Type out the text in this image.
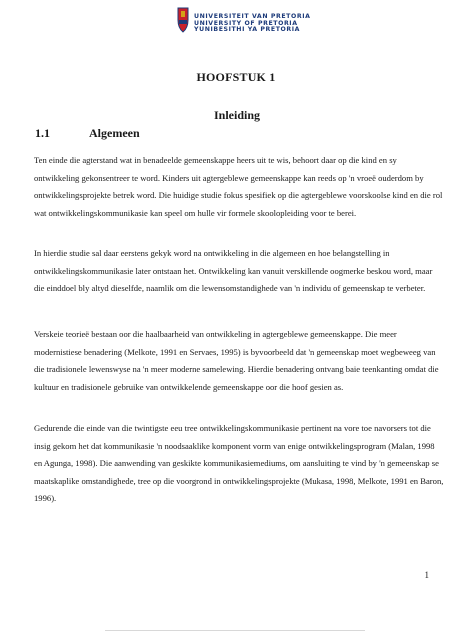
UNIVERSITEIT VAN PRETORIA
UNIVERSITY OF PRETORIA
YUNIBESITHI YA PRETORIA
HOOFSTUK 1
Inleiding
1.1	Algemeen
Ten einde die agterstand wat in benadeelde gemeenskappe heers uit te wis, behoort daar op die kind en sy ontwikkeling gekonsentreer te word. Kinders uit agtergeblewe gemeenskappe kan reeds op 'n vroeë ouderdom by ontwikkelingsprojekte betrek word. Die huidige studie fokus spesifiek op die agtergeblewe voorskoolse kind en die rol wat ontwikkelingskommunikasie kan speel om hulle vir formele skoolopleiding voor te berei.
In hierdie studie sal daar eerstens gekyk word na ontwikkeling in die algemeen en hoe belangstelling in ontwikkelingskommunikasie later ontstaan het. Ontwikkeling kan vanuit verskillende oogmerke beskou word, maar die einddoel bly altyd dieselfde, naamlik om die lewensomstandighede van 'n individu of gemeenskap te verbeter.
Verskeie teorieë bestaan oor die haalbaarheid van ontwikkeling in agtergeblewe gemeenskappe. Die meer modernistiese benadering (Melkote, 1991 en Servaes, 1995) is byvoorbeeld dat 'n gemeenskap moet wegbeweeg van die tradisionele lewenswyse na 'n meer moderne samelewing. Hierdie benadering ontvang baie teenkanting omdat die kultuur en tradisionele gebruike van ontwikkelende gemeenskappe oor die hoof gesien as.
Gedurende die einde van die twintigste eeu tree ontwikkelingskommunikasie pertinent na vore toe navorsers tot die insig gekom het dat kommunikasie 'n noodsaaklike komponent vorm van enige ontwikkelingsprogram (Malan, 1998 en Agunga, 1998). Die aanwending van geskikte kommunikasiemediums, om aansluiting te vind by 'n gemeenskap se maatskaplike omstandighede, tree op die voorgrond in ontwikkelingsprojekte (Mukasa, 1998, Melkote, 1991 en Baron, 1996).
1
